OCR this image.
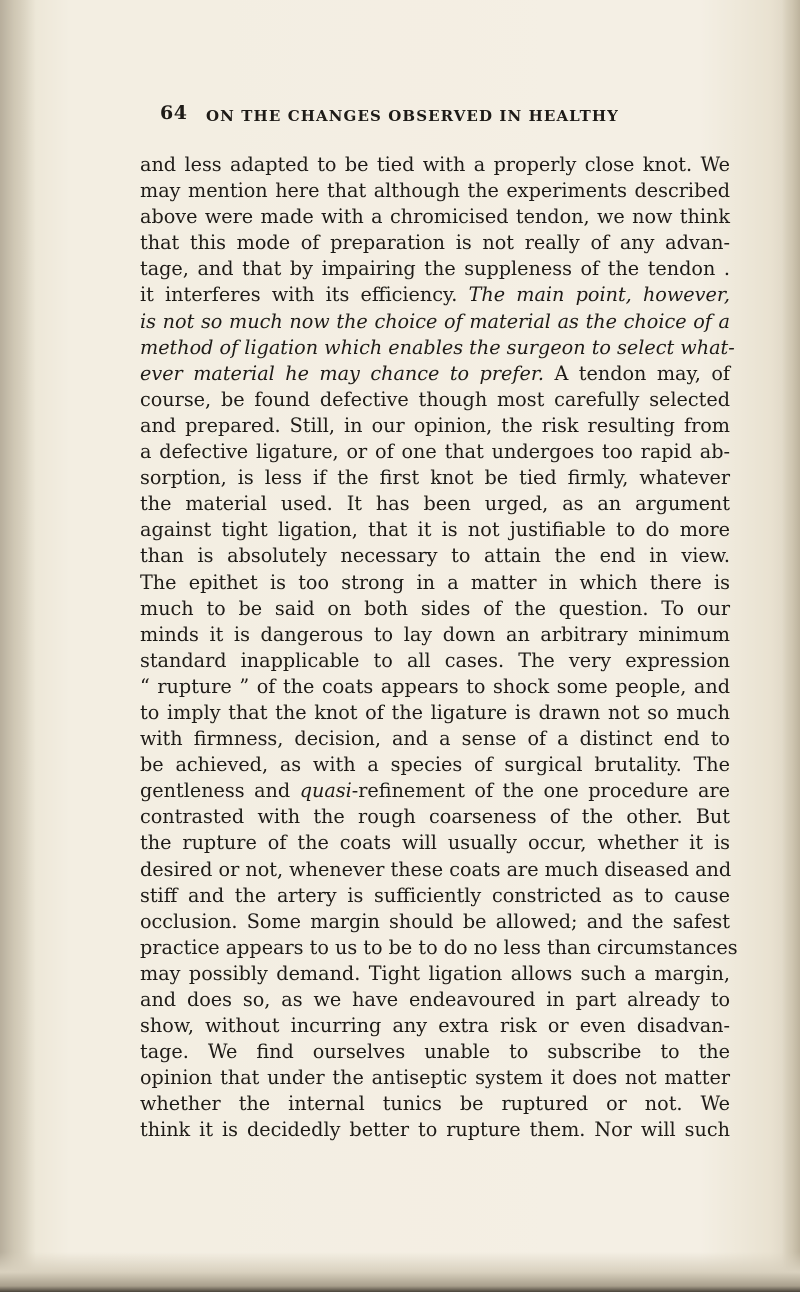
64 ON THE CHANGES OBSERVED IN HEALTHY
and less adapted to be tied with a properly close knot. We
may mention here that although the experiments described
above were made with a chromicised tendon, we now think
that this mode of preparation is not really of any advan-
tage, and that by impairing the suppleness of the tendon .
it interferes with its efficiency. The main point, however,
is not so much now the choice of material as the choice of a
method of ligation which enables the surgeon to select what-
ever material he may chance to prefer. A tendon may, of
course, be found defective though most carefully selected
and prepared. Still, in our opinion, the risk resulting from
a defective ligature, or of one that undergoes too rapid ab-
sorption, is less if the first knot be tied firmly, whatever
the material used. It has been urged, as an argument
against tight ligation, that it is not justifiable to do more
than is absolutely necessary to attain the end in view.
The epithet is too strong in a matter in which there is
much to be said on both sides of the question. To our
minds it is dangerous to lay down an arbitrary minimum
standard inapplicable to all cases. The very expression
“ rupture ” of the coats appears to shock some people, and
to imply that the knot of the ligature is drawn not so much
with firmness, decision, and a sense of a distinct end to
be achieved, as with a species of surgical brutality. The
gentleness and quasi-refinement of the one procedure are
contrasted with the rough coarseness of the other. But
the rupture of the coats will usually occur, whether it is
desired or not, whenever these coats are much diseased and
stiff and the artery is sufficiently constricted as to cause
occlusion. Some margin should be allowed; and the safest
practice appears to us to be to do no less than circumstances
may possibly demand. Tight ligation allows such a margin,
and does so, as we have endeavoured in part already to
show, without incurring any extra risk or even disadvan-
tage. We find ourselves unable to subscribe to the
opinion that under the antiseptic system it does not matter
whether the internal tunics be ruptured or not. We
think it is decidedly better to rupture them. Nor will such
